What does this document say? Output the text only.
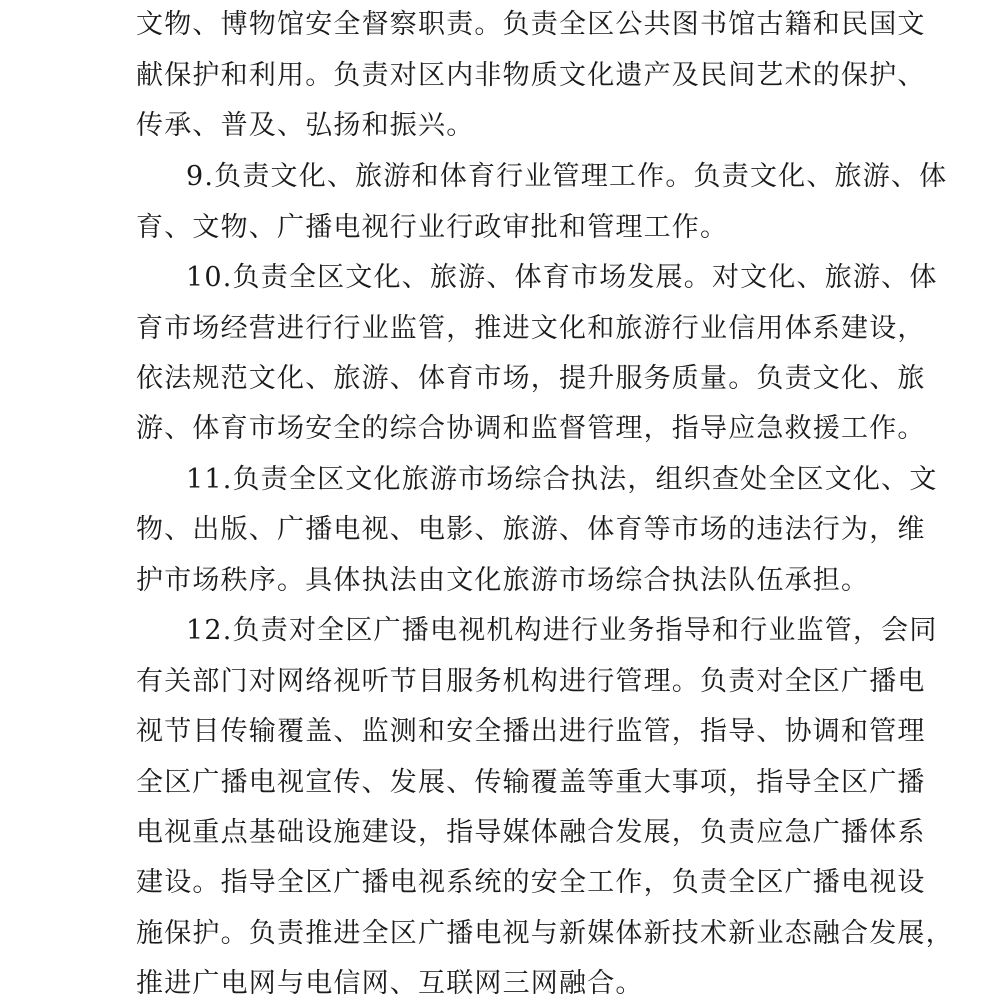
文物、博物馆安全督察职责。负责全区公共图书馆古籍和民国文
献保护和利用。负责对区内非物质文化遗产及民间艺术的保护、
传承、普及、弘扬和振兴。
9.负责文化、旅游和体育行业管理工作。负责文化、旅游、体
育、文物、广播电视行业行政审批和管理工作。
10.负责全区文化、旅游、体育市场发展。对文化、旅游、体
育市场经营进行行业监管，推进文化和旅游行业信用体系建设，
依法规范文化、旅游、体育市场，提升服务质量。负责文化、旅
游、体育市场安全的综合协调和监督管理，指导应急救援工作。
11.负责全区文化旅游市场综合执法，组织查处全区文化、文
物、出版、广播电视、电影、旅游、体育等市场的违法行为，维
护市场秩序。具体执法由文化旅游市场综合执法队伍承担。
12.负责对全区广播电视机构进行业务指导和行业监管，会同
有关部门对网络视听节目服务机构进行管理。负责对全区广播电
视节目传输覆盖、监测和安全播出进行监管，指导、协调和管理
全区广播电视宣传、发展、传输覆盖等重大事项，指导全区广播
电视重点基础设施建设，指导媒体融合发展，负责应急广播体系
建设。指导全区广播电视系统的安全工作，负责全区广播电视设
施保护。负责推进全区广播电视与新媒体新技术新业态融合发展，
推进广电网与电信网、互联网三网融合。
